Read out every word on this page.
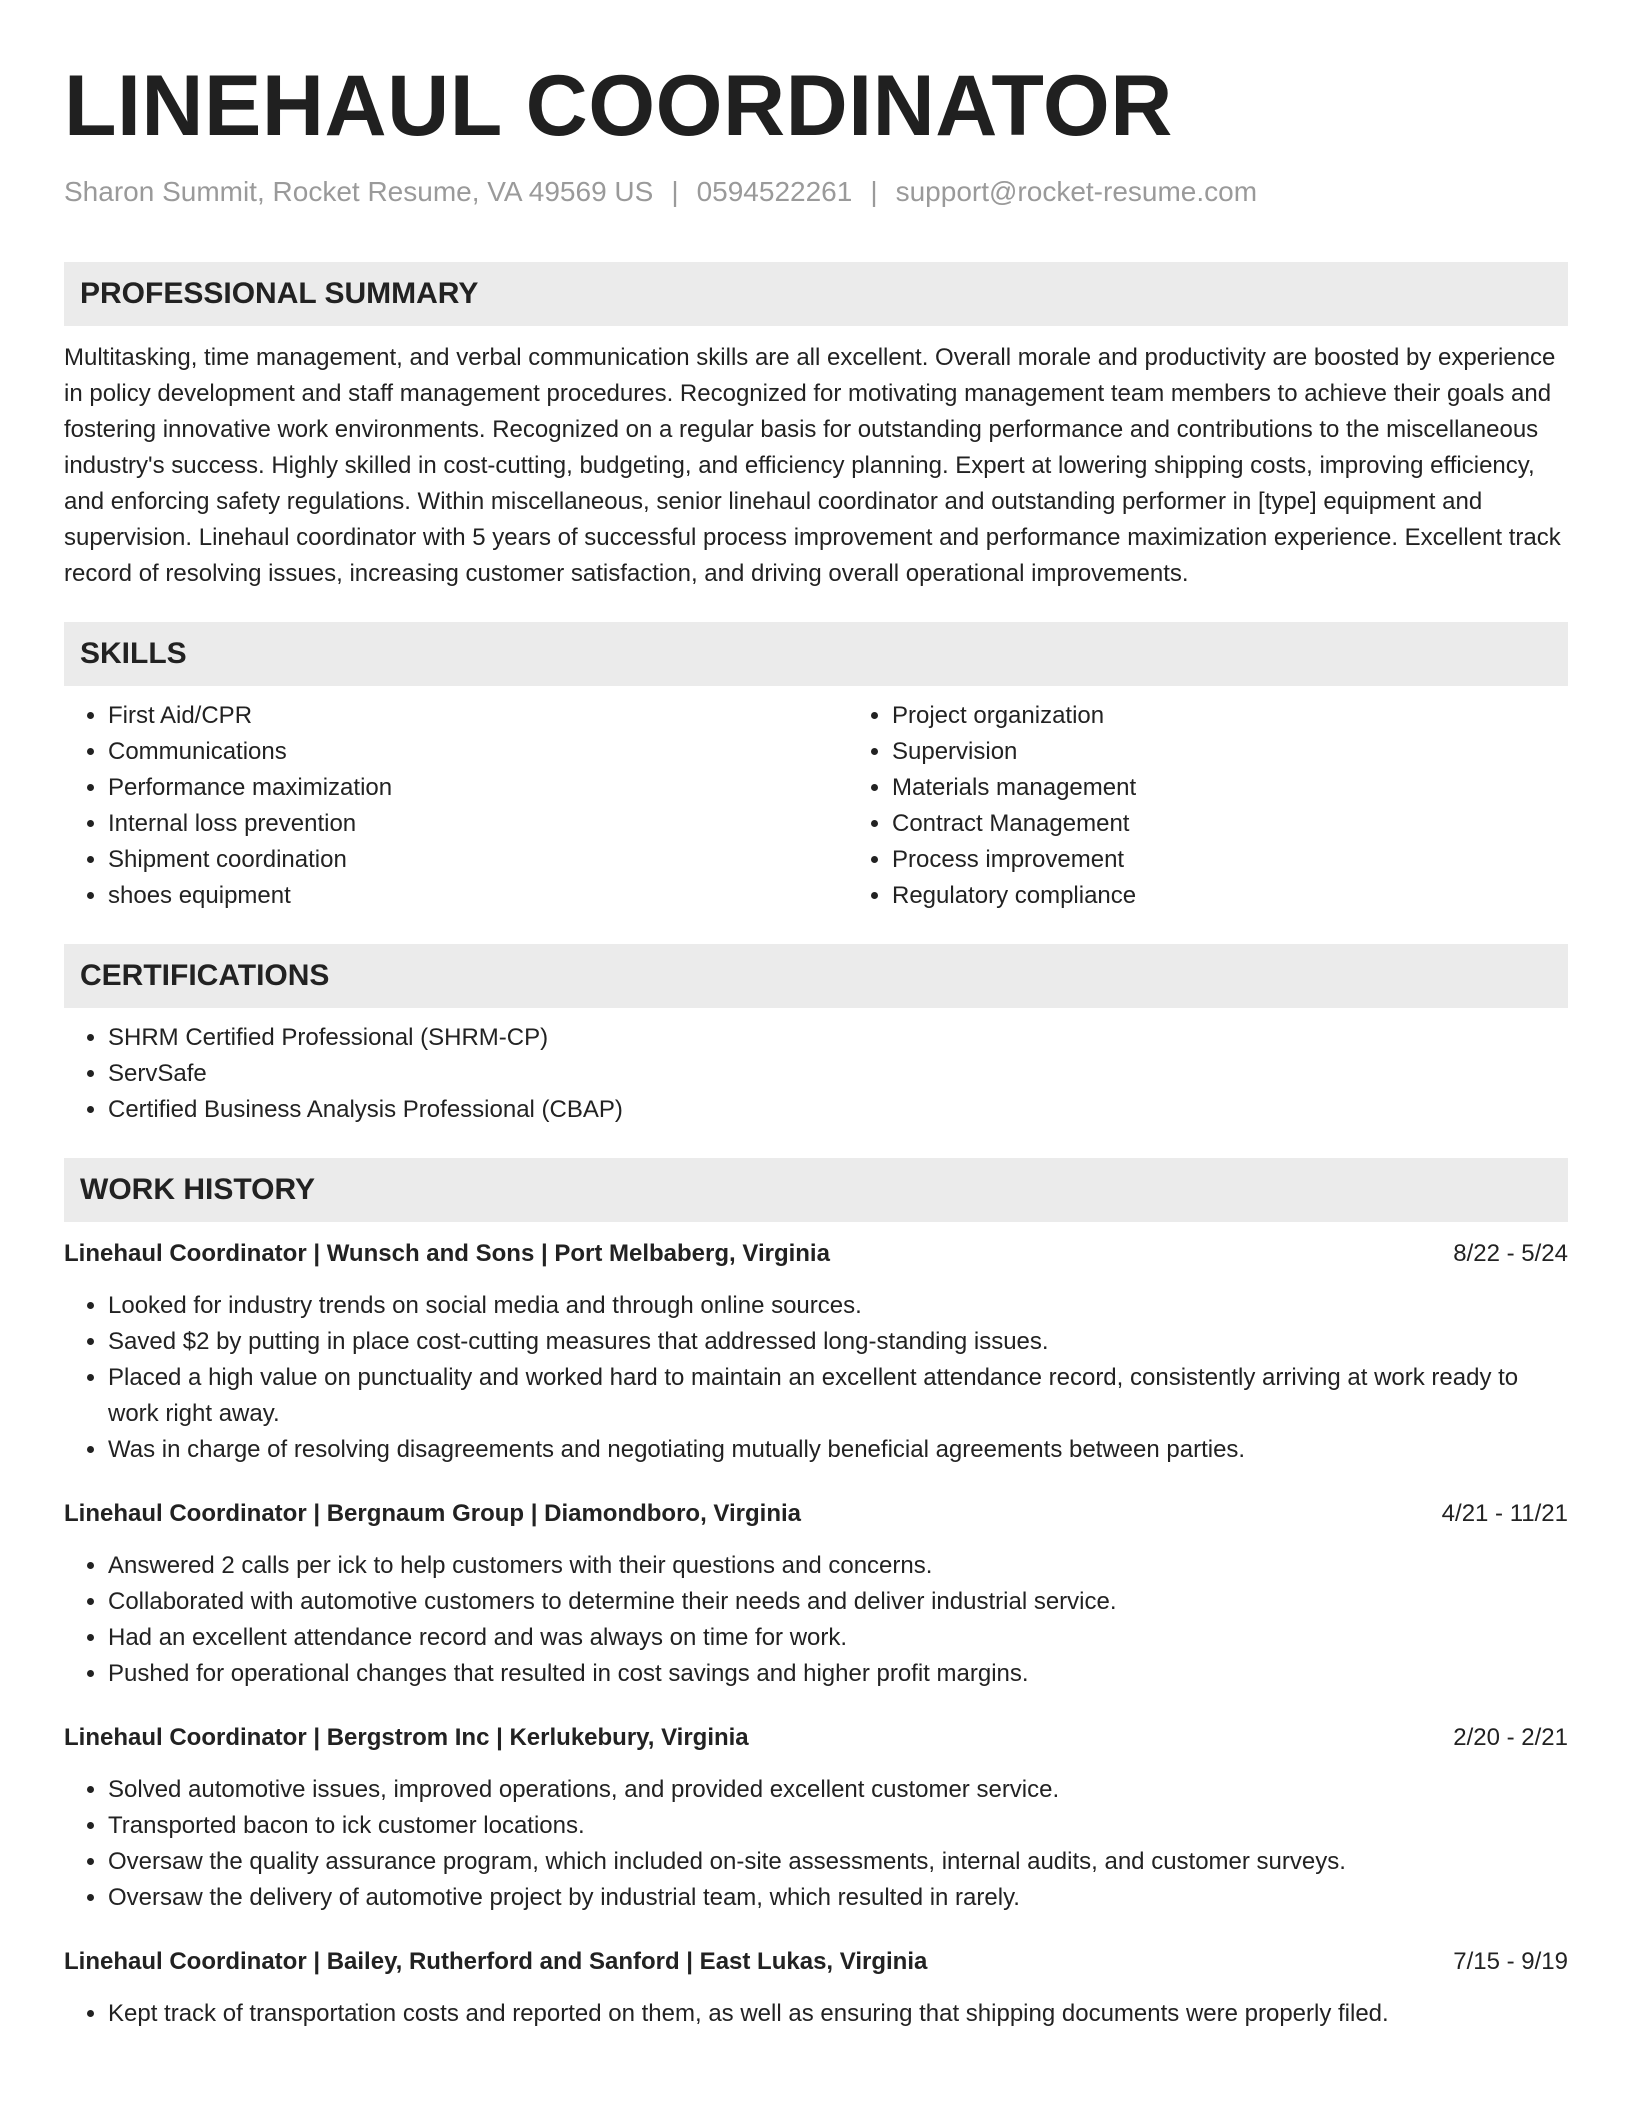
LINEHAUL COORDINATOR
Sharon Summit, Rocket Resume, VA 49569 US | 0594522261 | support@rocket-resume.com
PROFESSIONAL SUMMARY

Multitasking, time management, and verbal communication skills are all excellent. Overall morale and productivity are boosted by experience in policy development and staff management procedures. Recognized for motivating management team members to achieve their goals and fostering innovative work environments. Recognized on a regular basis for outstanding performance and contributions to the miscellaneous industry's success. Highly skilled in cost-cutting, budgeting, and efficiency planning. Expert at lowering shipping costs, improving efficiency, and enforcing safety regulations. Within miscellaneous, senior linehaul coordinator and outstanding performer in [type] equipment and supervision. Linehaul coordinator with 5 years of successful process improvement and performance maximization experience. Excellent track record of resolving issues, increasing customer satisfaction, and driving overall operational improvements.

SKILLS
• First Aid/CPR
• Communications
• Performance maximization
• Internal loss prevention
• Shipment coordination
• shoes equipment
• Project organization
• Supervision
• Materials management
• Contract Management
• Process improvement
• Regulatory compliance
CERTIFICATIONS
• SHRM Certified Professional (SHRM-CP)
• ServSafe
• Certified Business Analysis Professional (CBAP)
WORK HISTORY
Linehaul Coordinator | Wunsch and Sons | Port Melbaberg, Virginia	8/22 - 5/24
• Looked for industry trends on social media and through online sources.
• Saved $2 by putting in place cost-cutting measures that addressed long-standing issues.
• Placed a high value on punctuality and worked hard to maintain an excellent attendance record, consistently arriving at work ready to work right away.
• Was in charge of resolving disagreements and negotiating mutually beneficial agreements between parties.
Linehaul Coordinator | Bergnaum Group | Diamondboro, Virginia	4/21 - 11/21
• Answered 2 calls per ick to help customers with their questions and concerns.
• Collaborated with automotive customers to determine their needs and deliver industrial service.
• Had an excellent attendance record and was always on time for work.
• Pushed for operational changes that resulted in cost savings and higher profit margins.
Linehaul Coordinator | Bergstrom Inc | Kerlukebury, Virginia	2/20 - 2/21
• Solved automotive issues, improved operations, and provided excellent customer service.
• Transported bacon to ick customer locations.
• Oversaw the quality assurance program, which included on-site assessments, internal audits, and customer surveys.
• Oversaw the delivery of automotive project by industrial team, which resulted in rarely.
Linehaul Coordinator | Bailey, Rutherford and Sanford | East Lukas, Virginia	7/15 - 9/19
• Kept track of transportation costs and reported on them, as well as ensuring that shipping documents were properly filed.
